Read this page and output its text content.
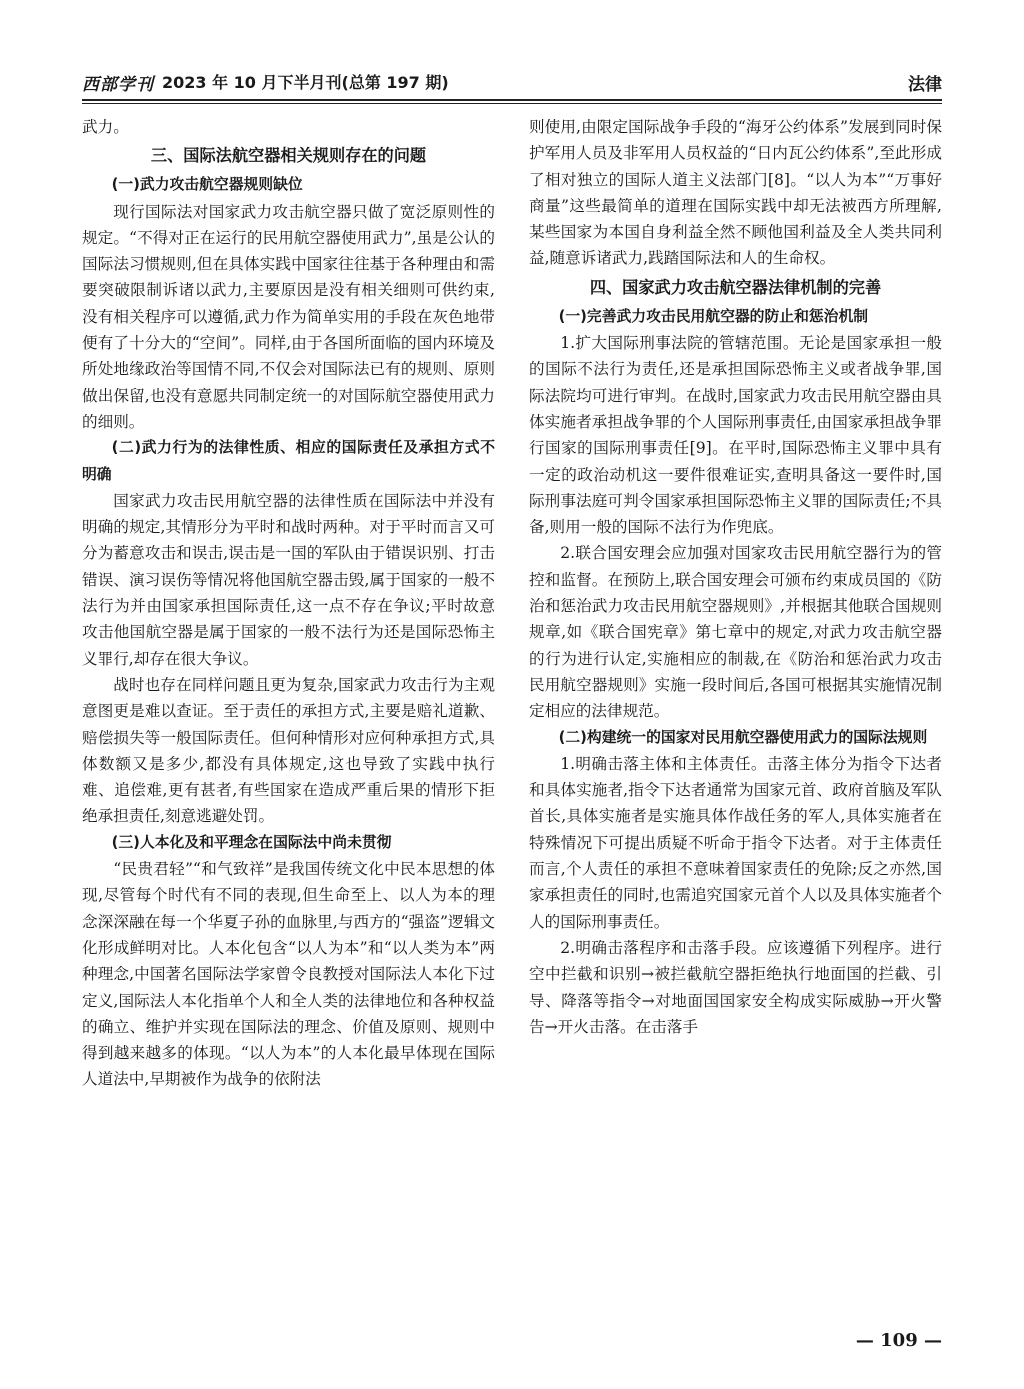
西部学刊 2023 年 10 月下半月刊(总第 197 期)	法律

武力。

三、国际法航空器相关规则存在的问题

(一)武力攻击航空器规则缺位

现行国际法对国家武力攻击航空器只做了宽泛原则性的规定。“不得对正在运行的民用航空器使用武力”,虽是公认的国际法习惯规则,但在具体实践中国家往往基于各种理由和需要突破限制诉诸以武力,主要原因是没有相关细则可供约束,没有相关程序可以遵循,武力作为简单实用的手段在灰色地带便有了十分大的“空间”。同样,由于各国所面临的国内环境及所处地缘政治等国情不同,不仅会对国际法已有的规则、原则做出保留,也没有意愿共同制定统一的对国际航空器使用武力的细则。

(二)武力行为的法律性质、相应的国际责任及承担方式不明确

国家武力攻击民用航空器的法律性质在国际法中并没有明确的规定,其情形分为平时和战时两种。对于平时而言又可分为蓄意攻击和误击,误击是一国的军队由于错误识别、打击错误、演习误伤等情况将他国航空器击毁,属于国家的一般不法行为并由国家承担国际责任,这一点不存在争议;平时故意攻击他国航空器是属于国家的一般不法行为还是国际恐怖主义罪行,却存在很大争议。

战时也存在同样问题且更为复杂,国家武力攻击行为主观意图更是难以查证。至于责任的承担方式,主要是赔礼道歉、赔偿损失等一般国际责任。但何种情形对应何种承担方式,具体数额又是多少,都没有具体规定,这也导致了实践中执行难、追偿难,更有甚者,有些国家在造成严重后果的情形下拒绝承担责任,刻意逃避处罚。

(三)人本化及和平理念在国际法中尚未贯彻

“民贵君轻”“和气致祥”是我国传统文化中民本思想的体现,尽管每个时代有不同的表现,但生命至上、以人为本的理念深深融在每一个华夏子孙的血脉里,与西方的“强盗”逻辑文化形成鲜明对比。人本化包含“以人为本”和“以人类为本”两种理念,中国著名国际法学家曾令良教授对国际法人本化下过定义,国际法人本化指单个人和全人类的法律地位和各种权益的确立、维护并实现在国际法的理念、价值及原则、规则中得到越来越多的体现。“以人为本”的人本化最早体现在国际人道法中,早期被作为战争的依附法

则使用,由限定国际战争手段的“海牙公约体系”发展到同时保护军用人员及非军用人员权益的“日内瓦公约体系”,至此形成了相对独立的国际人道主义法部门[8]。“以人为本”“万事好商量”这些最简单的道理在国际实践中却无法被西方所理解,某些国家为本国自身利益全然不顾他国利益及全人类共同利益,随意诉诸武力,践踏国际法和人的生命权。

四、国家武力攻击航空器法律机制的完善

(一)完善武力攻击民用航空器的防止和惩治机制

1.扩大国际刑事法院的管辖范围。无论是国家承担一般的国际不法行为责任,还是承担国际恐怖主义或者战争罪,国际法院均可进行审判。在战时,国家武力攻击民用航空器由具体实施者承担战争罪的个人国际刑事责任,由国家承担战争罪行国家的国际刑事责任[9]。在平时,国际恐怖主义罪中具有一定的政治动机这一要件很难证实,查明具备这一要件时,国际刑事法庭可判令国家承担国际恐怖主义罪的国际责任;不具备,则用一般的国际不法行为作兜底。

2.联合国安理会应加强对国家攻击民用航空器行为的管控和监督。在预防上,联合国安理会可颁布约束成员国的《防治和惩治武力攻击民用航空器规则》,并根据其他联合国规则规章,如《联合国宪章》第七章中的规定,对武力攻击航空器的行为进行认定,实施相应的制裁,在《防治和惩治武力攻击民用航空器规则》实施一段时间后,各国可根据其实施情况制定相应的法律规范。

(二)构建统一的国家对民用航空器使用武力的国际法规则

1.明确击落主体和主体责任。击落主体分为指令下达者和具体实施者,指令下达者通常为国家元首、政府首脑及军队首长,具体实施者是实施具体作战任务的军人,具体实施者在特殊情况下可提出质疑不听命于指令下达者。对于主体责任而言,个人责任的承担不意味着国家责任的免除;反之亦然,国家承担责任的同时,也需追究国家元首个人以及具体实施者个人的国际刑事责任。

2.明确击落程序和击落手段。应该遵循下列程序。进行空中拦截和识别→被拦截航空器拒绝执行地面国的拦截、引导、降落等指令→对地面国国家安全构成实际威胁→开火警告→开火击落。在击落手

— 109 —
